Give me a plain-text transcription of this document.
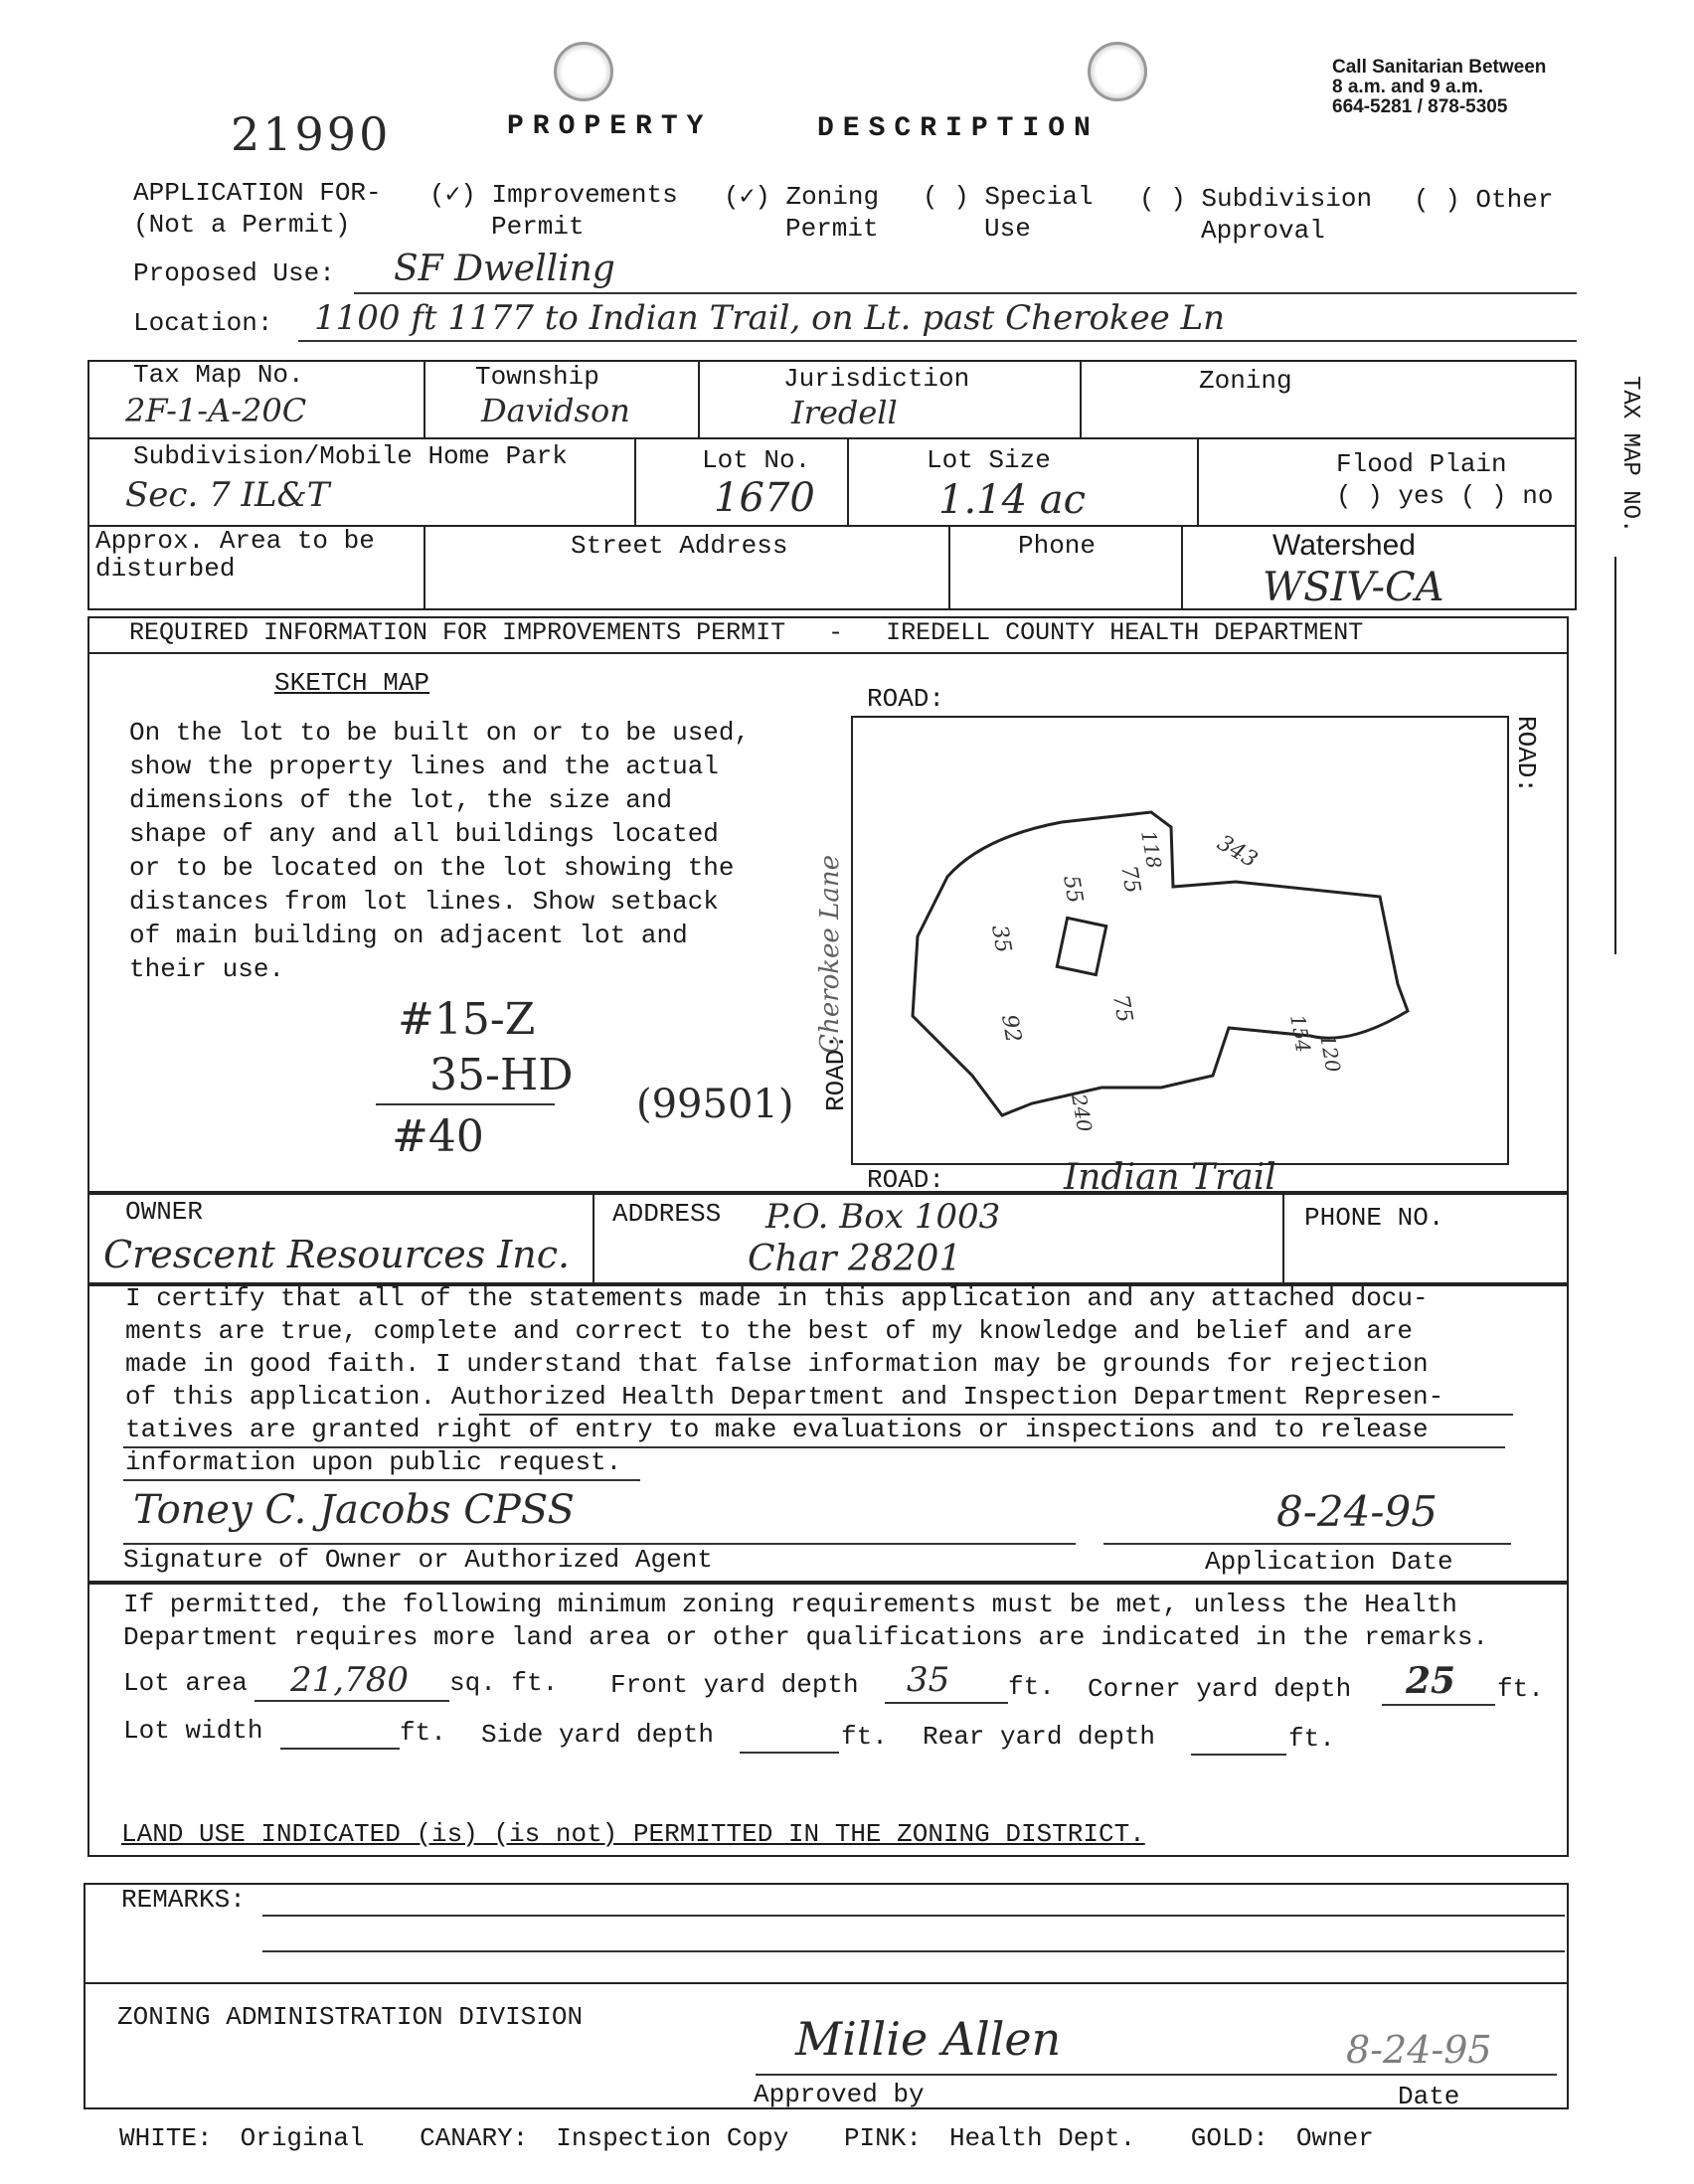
21990	PROPERTY	DESCRIPTION
Call Sanitarian Between
8 a.m. and 9 a.m.
664-5281 / 878-5305
APPLICATION FOR-
(Not a Permit)
(✓) Improvements
Permit
(✓) Zoning
Permit
( ) Special
Use
( ) Subdivision
Approval
( ) Other
Proposed Use: SF Dwelling
Location: 1100 ft 1177 to Indian Trail, on Lt. past Cherokee Ln
Tax Map No.
2F-1-A-20C
Township
Davidson
Jurisdiction
Iredell
Zoning
Subdivision/Mobile Home Park
Sec. 7 IL&T
Lot No.
1670
Lot Size
1.14 ac
Flood Plain
( ) yes ( ) no
Approx. Area to be
disturbed
Street Address	Phone	Watershed
WSIV-CA
TAX MAP NO.
REQUIRED INFORMATION FOR IMPROVEMENTS PERMIT - IREDELL COUNTY HEALTH DEPARTMENT
SKETCH MAP
On the lot to be built on or to be used,
show the property lines and the actual
dimensions of the lot, the size and
shape of any and all buildings located
or to be located on the lot showing the
distances from lot lines. Show setback
of main building on adjacent lot and
their use.
#15-Z
35-HD
#40
(99501)
ROAD:
ROAD:
ROAD:
Cherokee Lane
ROAD:	Indian Trail
55
35
92
75
75
343
118
154 120
240
OWNER
Crescent Resources Inc.
ADDRESS P.O. Box 1003
Char 28201
PHONE NO.
I certify that all of the statements made in this application and any attached docu-
ments are true, complete and correct to the best of my knowledge and belief and are
made in good faith. I understand that false information may be grounds for rejection
of this application. Authorized Health Department and Inspection Department Represen-
tatives are granted right of entry to make evaluations or inspections and to release
information upon public request.
Toney C. Jacobs CPSS
Signature of Owner or Authorized Agent
8-24-95
Application Date
If permitted, the following minimum zoning requirements must be met, unless the Health
Department requires more land area or other qualifications are indicated in the remarks.
Lot area 21,780 sq. ft. Front yard depth 35 ft. Corner yard depth 25 ft.
Lot width	ft. Side yard depth	ft. Rear yard depth	ft.
LAND USE INDICATED (is) (is not) PERMITTED IN THE ZONING DISTRICT.
REMARKS:
ZONING ADMINISTRATION DIVISION	Millie Allen
Approved by
8-24-95
Date
WHITE: Original CANARY: Inspection Copy PINK: Health Dept. GOLD: Owner
